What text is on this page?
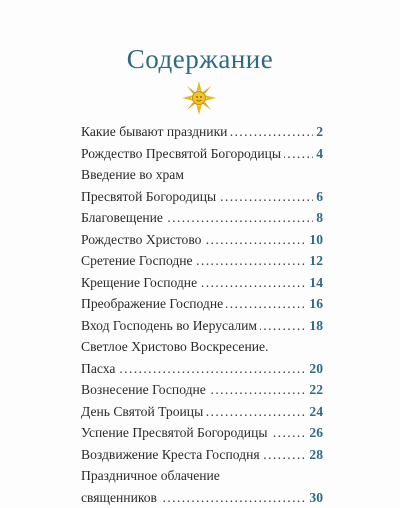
Содержание
Какие бывают праздники	2
. . .
Рождество Пресвятой Богородицы	4
. . .
Введение во храм
Пресвятой Богородицы	6
. . .
Благовещение	8
. . .
Рождество Христово	10
. . .
Сретение Господне	12
. . .
Крещение Господне	14
. . .
Преображение Господне	16
. . .
Вход Господень во Иерусалим	18
. . .
Светлое Христово Воскресение.
Пасха	20
. . .
Вознесение Господне	22
. . .
День Святой Троицы	24
. . .
Успение Пресвятой Богородицы	26
. . .
Воздвижение Креста Господня	28
. . .
Праздничное облачение
священников	30
. . .
